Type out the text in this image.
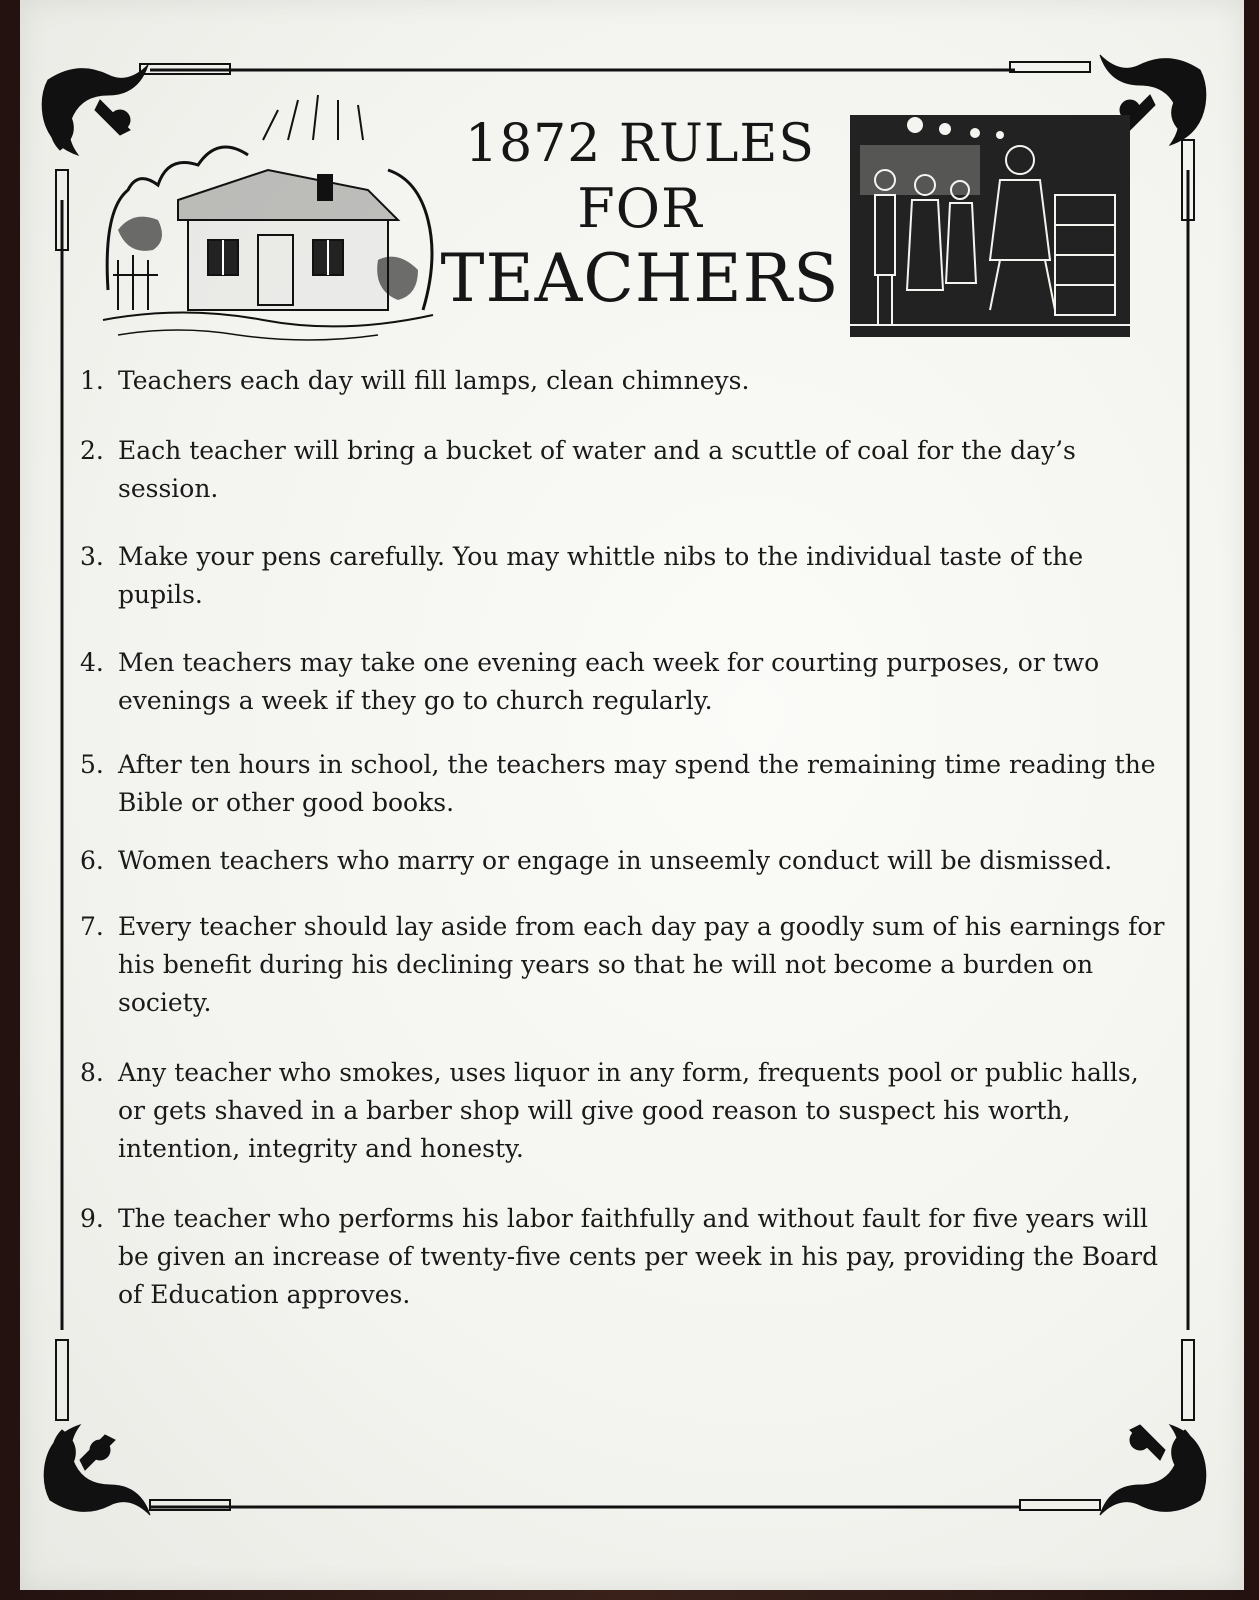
1872 RULES
FOR
TEACHERS
1. Teachers each day will fill lamps, clean chimneys.
2. Each teacher will bring a bucket of water and a scuttle of coal for the day’s session.
3. Make your pens carefully. You may whittle nibs to the individual taste of the pupils.
4. Men teachers may take one evening each week for courting purposes, or two evenings a week if they go to church regularly.
5. After ten hours in school, the teachers may spend the remaining time reading the Bible or other good books.
6. Women teachers who marry or engage in unseemly conduct will be dismissed.
7. Every teacher should lay aside from each day pay a goodly sum of his earnings for his benefit during his declining years so that he will not become a burden on society.
8. Any teacher who smokes, uses liquor in any form, frequents pool or public halls, or gets shaved in a barber shop will give good reason to suspect his worth, intention, integrity and honesty.
9. The teacher who performs his labor faithfully and without fault for five years will be given an increase of twenty-five cents per week in his pay, providing the Board of Education approves.
